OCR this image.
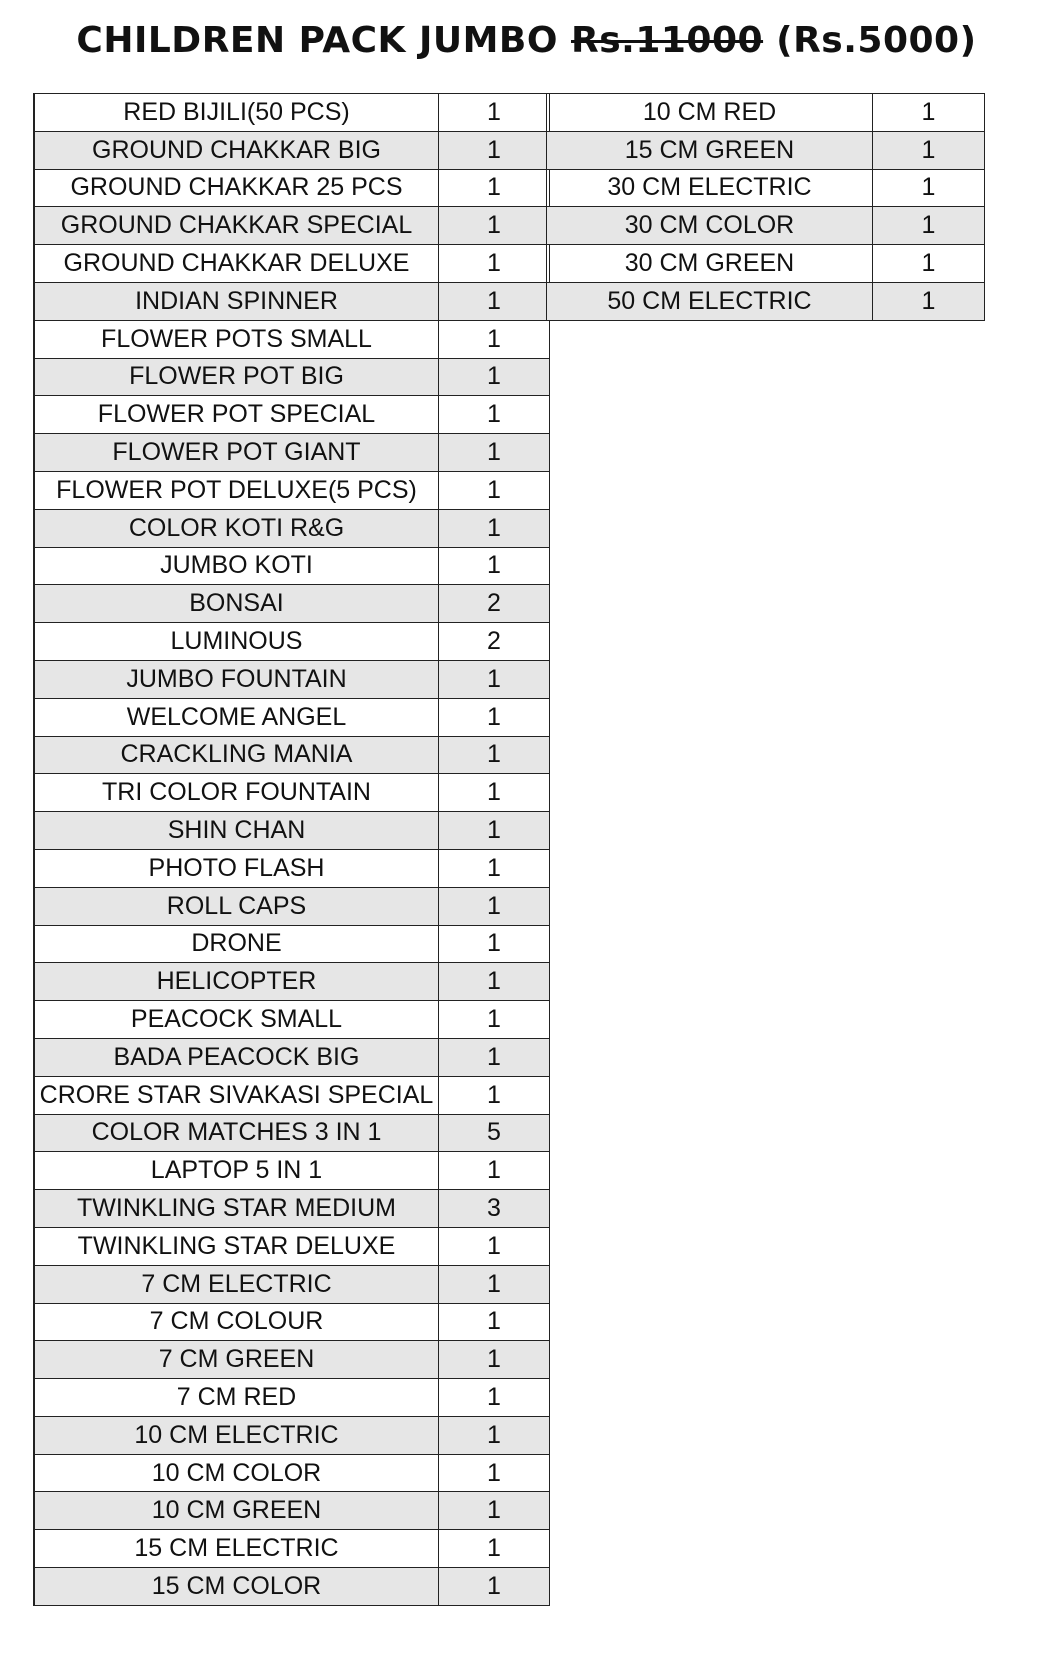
CHILDREN PACK JUMBO Rs.11000 (Rs.5000)
RED BIJILI(50 PCS)	1
GROUND CHAKKAR BIG	1
GROUND CHAKKAR 25 PCS	1
GROUND CHAKKAR SPECIAL	1
GROUND CHAKKAR DELUXE	1
INDIAN SPINNER	1
FLOWER POTS SMALL	1
FLOWER POT BIG	1
FLOWER POT SPECIAL	1
FLOWER POT GIANT	1
FLOWER POT DELUXE(5 PCS)	1
COLOR KOTI R&G	1
JUMBO KOTI	1
BONSAI	2
LUMINOUS	2
JUMBO FOUNTAIN	1
WELCOME ANGEL	1
CRACKLING MANIA	1
TRI COLOR FOUNTAIN	1
SHIN CHAN	1
PHOTO FLASH	1
ROLL CAPS	1
DRONE	1
HELICOPTER	1
PEACOCK SMALL	1
BADA PEACOCK BIG	1
CRORE STAR SIVAKASI SPECIAL	1
COLOR MATCHES 3 IN 1	5
LAPTOP 5 IN 1	1
TWINKLING STAR MEDIUM	3
TWINKLING STAR DELUXE	1
7 CM ELECTRIC	1
7 CM COLOUR	1
7 CM GREEN	1
7 CM RED	1
10 CM ELECTRIC	1
10 CM COLOR	1
10 CM GREEN	1
15 CM ELECTRIC	1
15 CM COLOR	1
10 CM RED	1
15 CM GREEN	1
30 CM ELECTRIC	1
30 CM COLOR	1
30 CM GREEN	1
50 CM ELECTRIC	1
